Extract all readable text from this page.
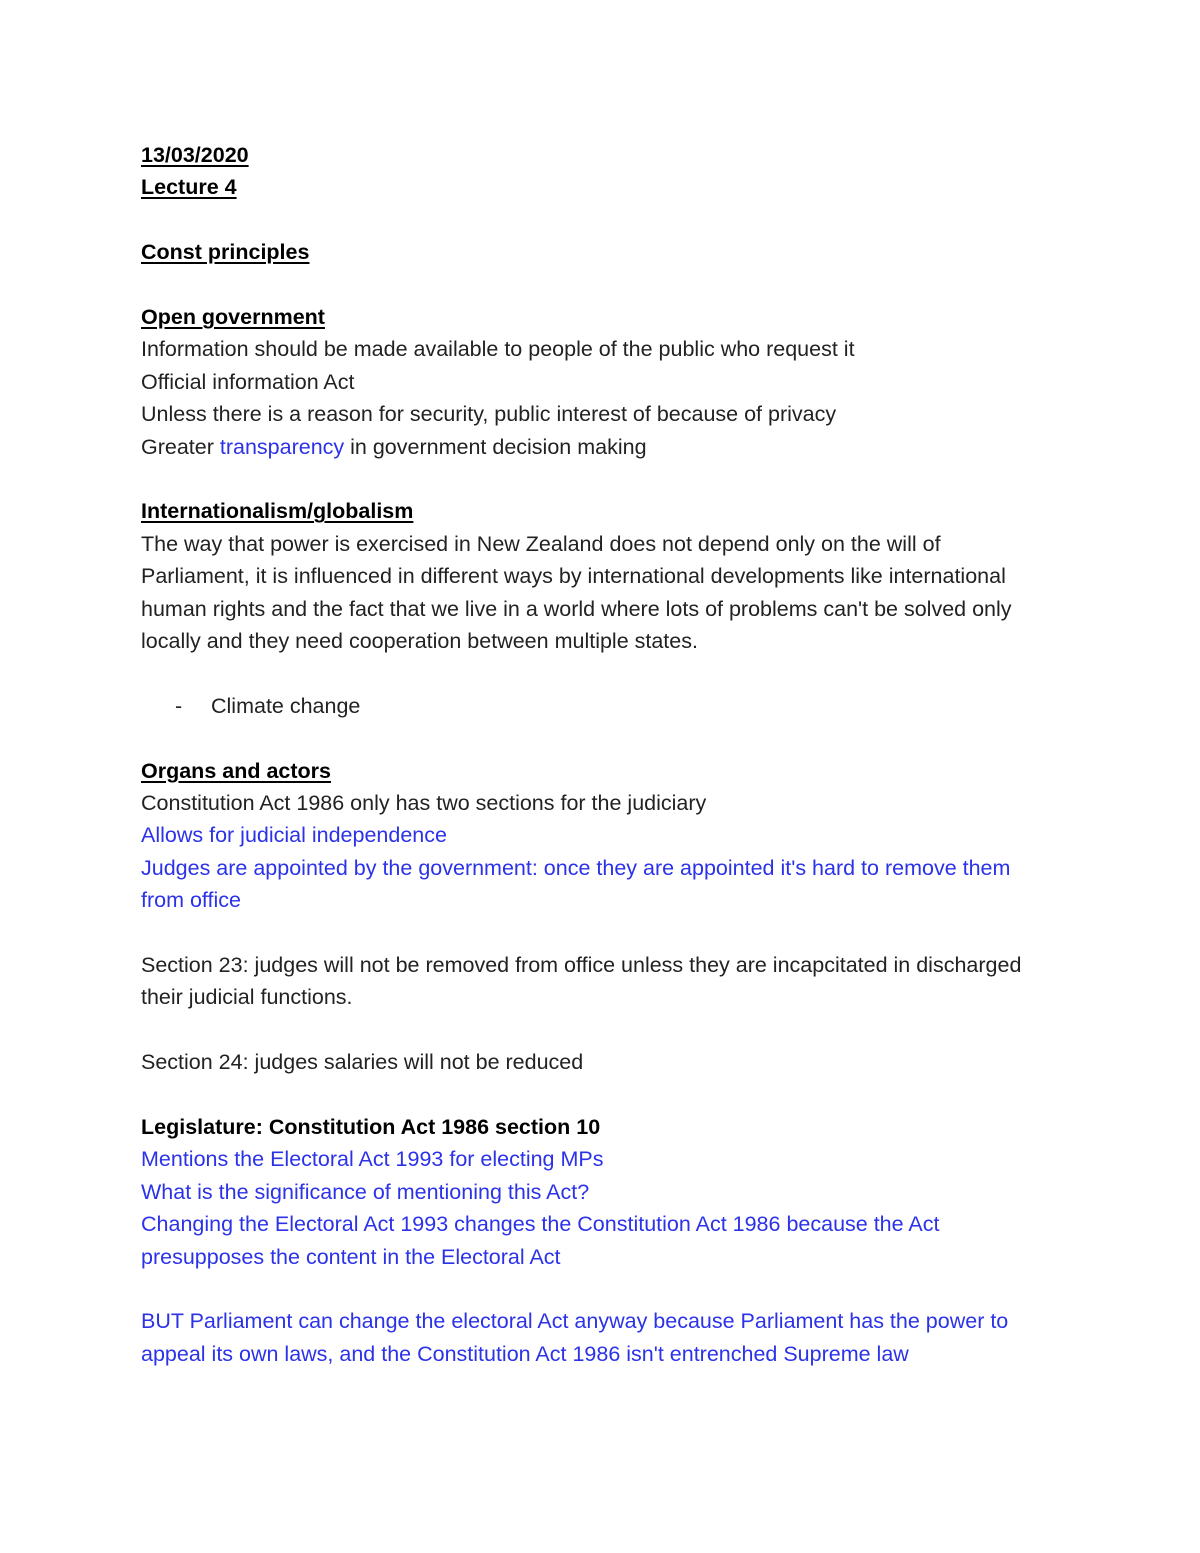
13/03/2020
Lecture 4
Const principles
Open government
Information should be made available to people of the public who request it
Official information Act
Unless there is a reason for security, public interest of because of privacy
Greater transparency in government decision making
Internationalism/globalism
The way that power is exercised in New Zealand does not depend only on the will of Parliament, it is influenced in different ways by international developments like international human rights and the fact that we live in a world where lots of problems can't be solved only locally and they need cooperation between multiple states.
- Climate change
Organs and actors
Constitution Act 1986 only has two sections for the judiciary
Allows for judicial independence
Judges are appointed by the government: once they are appointed it's hard to remove them from office
Section 23: judges will not be removed from office unless they are incapcitated in discharged their judicial functions.
Section 24: judges salaries will not be reduced
Legislature: Constitution Act 1986 section 10
Mentions the Electoral Act 1993 for electing MPs
What is the significance of mentioning this Act?
Changing the Electoral Act 1993 changes the Constitution Act 1986 because the Act presupposes the content in the Electoral Act
BUT Parliament can change the electoral Act anyway because Parliament has the power to appeal its own laws, and the Constitution Act 1986 isn't entrenched Supreme law
